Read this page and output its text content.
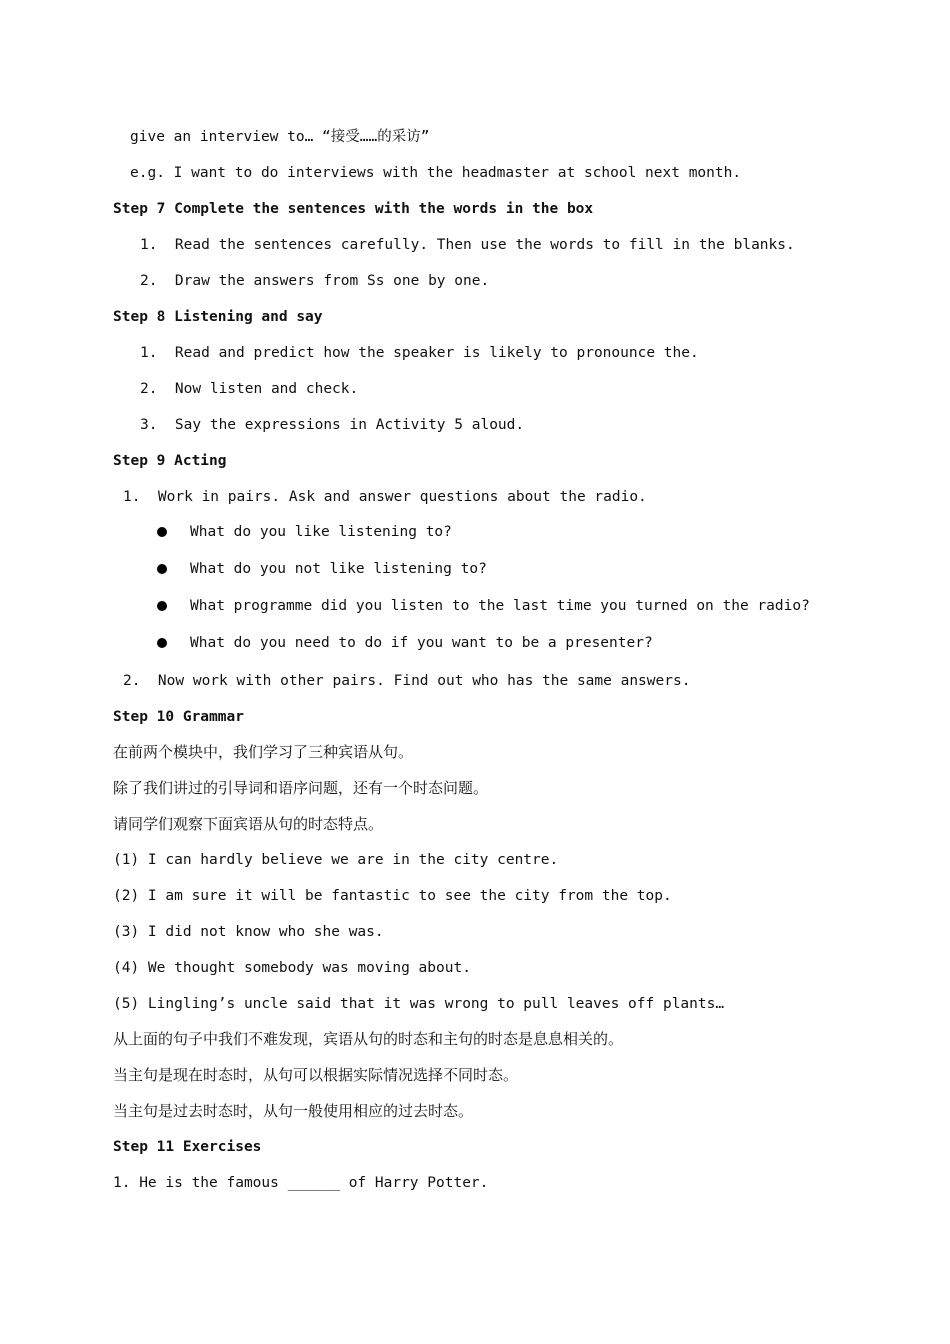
give an interview to… “接受……的采访”
e.g. I want to do interviews with the headmaster at school next month.
Step 7 Complete the sentences with the words in the box
1.  Read the sentences carefully. Then use the words to fill in the blanks.
2.  Draw the answers from Ss one by one.
Step 8 Listening and say
1.  Read and predict how the speaker is likely to pronounce the.
2.  Now listen and check.
3.  Say the expressions in Activity 5 aloud.
Step 9 Acting
1.  Work in pairs. Ask and answer questions about the radio.
What do you like listening to?
What do you not like listening to?
What programme did you listen to the last time you turned on the radio?
What do you need to do if you want to be a presenter?
2.  Now work with other pairs. Find out who has the same answers.
Step 10 Grammar
在前两个模块中，我们学习了三种宾语从句。
除了我们讲过的引导词和语序问题，还有一个时态问题。
请同学们观察下面宾语从句的时态特点。
(1) I can hardly believe we are in the city centre.
(2) I am sure it will be fantastic to see the city from the top.
(3) I did not know who she was.
(4) We thought somebody was moving about.
(5) Lingling’s uncle said that it was wrong to pull leaves off plants…
从上面的句子中我们不难发现，宾语从句的时态和主句的时态是息息相关的。
当主句是现在时态时，从句可以根据实际情况选择不同时态。
当主句是过去时态时，从句一般使用相应的过去时态。
Step 11 Exercises
1. He is the famous ______ of Harry Potter.
